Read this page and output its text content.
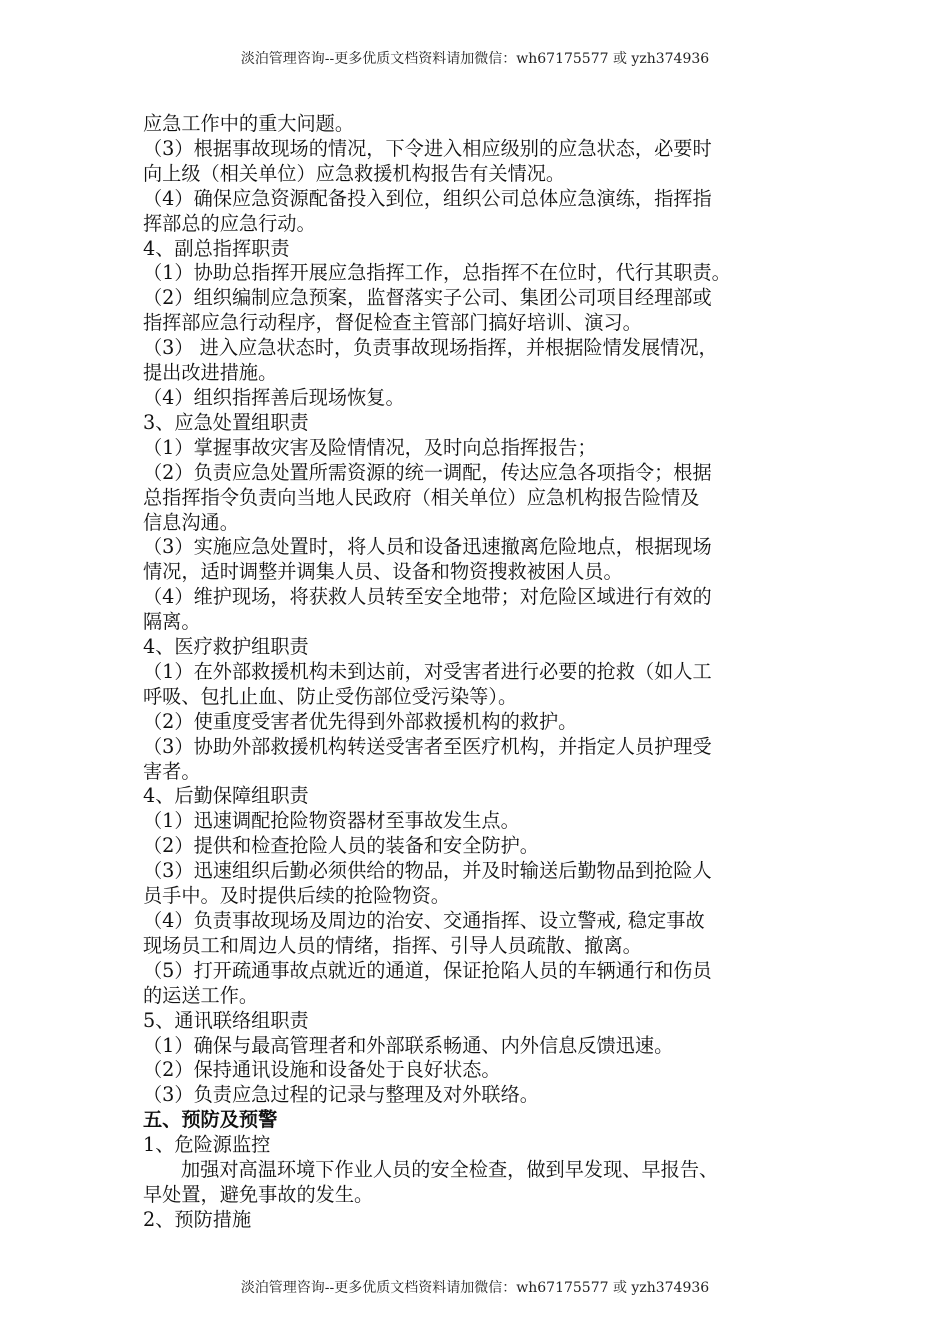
淡泊管理咨询--更多优质文档资料请加微信：wh67175577 或 yzh374936
应急工作中的重大问题。
（3）根据事故现场的情况，下令进入相应级别的应急状态，必要时
向上级（相关单位）应急救援机构报告有关情况。
（4）确保应急资源配备投入到位，组织公司总体应急演练，指挥指
挥部总的应急行动。
4、副总指挥职责
（1）协助总指挥开展应急指挥工作，总指挥不在位时，代行其职责。
（2）组织编制应急预案，监督落实子公司、集团公司项目经理部或
指挥部应急行动程序，督促检查主管部门搞好培训、演习。
（3） 进入应急状态时，负责事故现场指挥，并根据险情发展情况，
提出改进措施。
（4）组织指挥善后现场恢复。
3、应急处置组职责
（1）掌握事故灾害及险情情况，及时向总指挥报告；
（2）负责应急处置所需资源的统一调配，传达应急各项指令；根据
总指挥指令负责向当地人民政府（相关单位）应急机构报告险情及
信息沟通。
（3）实施应急处置时，将人员和设备迅速撤离危险地点，根据现场
情况，适时调整并调集人员、设备和物资搜救被困人员。
（4）维护现场，将获救人员转至安全地带；对危险区域进行有效的
隔离。
4、医疗救护组职责
（1）在外部救援机构未到达前，对受害者进行必要的抢救（如人工
呼吸、包扎止血、防止受伤部位受污染等）。
（2）使重度受害者优先得到外部救援机构的救护。
（3）协助外部救援机构转送受害者至医疗机构，并指定人员护理受
害者。
4、后勤保障组职责
（1）迅速调配抢险物资器材至事故发生点。
（2）提供和检查抢险人员的装备和安全防护。
（3）迅速组织后勤必须供给的物品，并及时输送后勤物品到抢险人
员手中。及时提供后续的抢险物资。
（4）负责事故现场及周边的治安、交通指挥、设立警戒, 稳定事故
现场员工和周边人员的情绪，指挥、引导人员疏散、撤离。
（5）打开疏通事故点就近的通道，保证抢陷人员的车辆通行和伤员
的运送工作。
5、通讯联络组职责
（1）确保与最高管理者和外部联系畅通、内外信息反馈迅速。
（2）保持通讯设施和设备处于良好状态。
（3）负责应急过程的记录与整理及对外联络。
五、预防及预警
1、危险源监控
加强对高温环境下作业人员的安全检查，做到早发现、早报告、
早处置，避免事故的发生。
2、预防措施
淡泊管理咨询--更多优质文档资料请加微信：wh67175577 或 yzh374936
